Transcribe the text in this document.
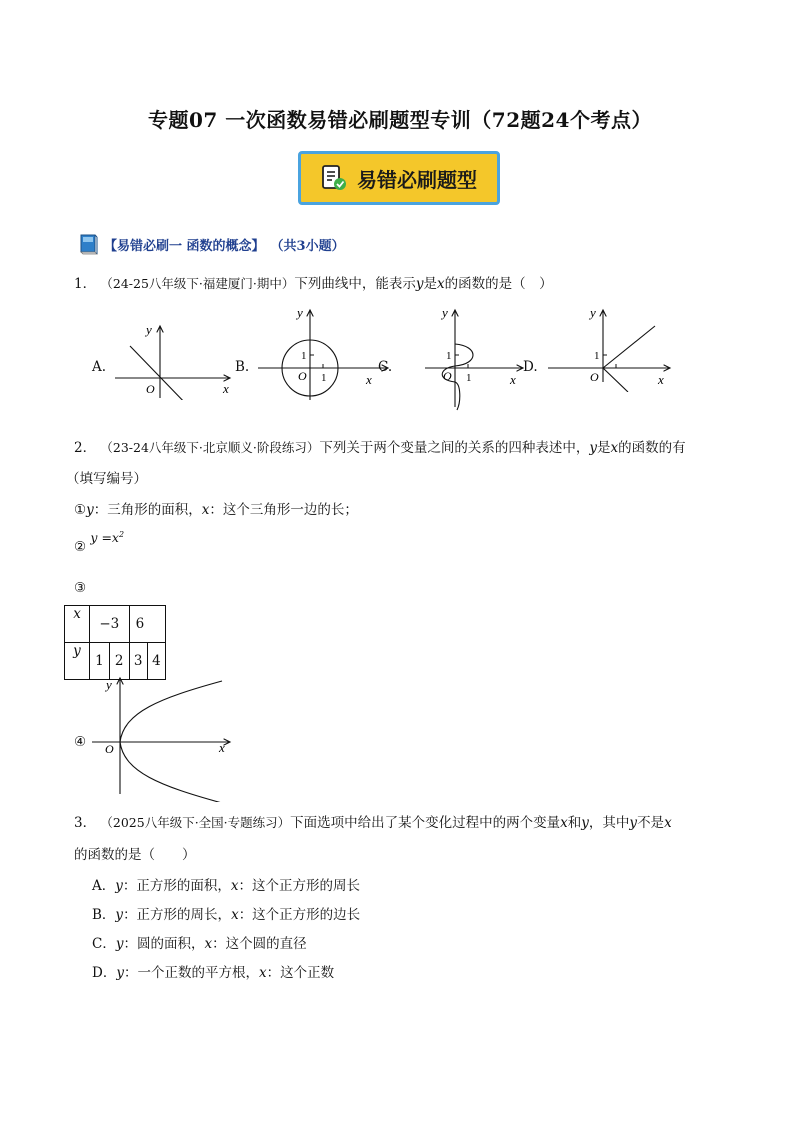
专题07 一次函数易错必刷题型专训（72题24个考点）
易错必刷题型
【易错必刷一 函数的概念】 （共3小题）
1． （24-25八年级下·福建厦门·期中）下列曲线中，能表示y是x的函数的是（　）
A.	B.	C.	D.
y
x
O
y
x
O
1
1
y
x
O
1
1
y
x
O
1
2． （23-24八年级下·北京顺义·阶段练习）下列关于两个变量之间的关系的四种表述中，y是x的函数的有
（填写编号）
①y：三角形的面积，x：这个三角形一边的长；
② $y =x^2$
③
x	−3		6	
y	1	2	3	4
④
y
x
O
3． （2025八年级下·全国·专题练习）下面选项中给出了某个变化过程中的两个变量x和y，其中y不是x
的函数的是（　　）
A．y：正方形的面积，x：这个正方形的周长
B．y：正方形的周长，x：这个正方形的边长
C．y：圆的面积，x：这个圆的直径
D．y：一个正数的平方根，x：这个正数
